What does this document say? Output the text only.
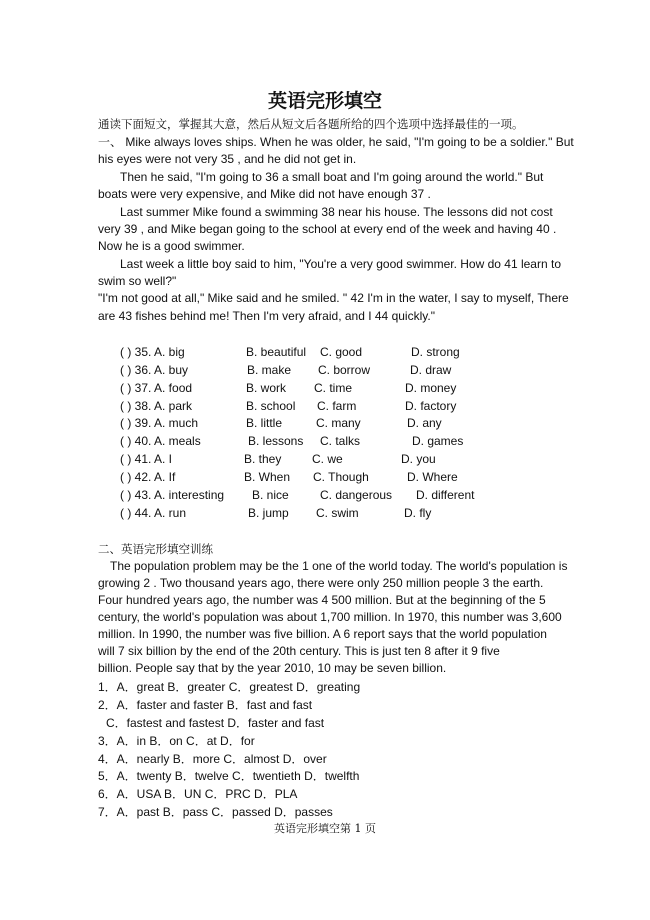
英语完形填空
通读下面短文，掌握其大意，然后从短文后各题所给的四个选项中选择最佳的一项。
一、 Mike always loves ships. When he was older, he said, "I'm going to be a soldier." But
his eyes were not very 35 , and he did not get in.
Then he said, "I'm going to 36 a small boat and I'm going around the world." But
boats were very expensive, and Mike did not have enough 37 .
Last summer Mike found a swimming 38 near his house. The lessons did not cost
very 39 , and Mike began going to the school at every end of the week and having 40 .
Now he is a good swimmer.
Last week a little boy said to him, "You're a very good swimmer. How do 41 learn to
swim so well?"
"I'm not good at all," Mike said and he smiled. " 42 I'm in the water, I say to myself, There
are 43 fishes behind me! Then I'm very afraid, and I 44 quickly."
( ) 35. A. big	B. beautiful C. good	D. strong
( ) 36. A. buy	B. make C. borrow	D. draw
( ) 37. A. food	B. work C. time	D. money
( ) 38. A. park	B. school C. farm	D. factory
( ) 39. A. much	B. little	C. many	D. any
( ) 40. A. meals	B. lessons C. talks	D. games
( ) 41. A. I	B. they	C. we	D. you
( ) 42. A. If	B. When C. Though	D. Where
( ) 43. A. interesting B. nice	C. dangerous D. different
( ) 44. A. run	B. jump C. swim	D. fly
二、英语完形填空训练
The population problem may be the 1 one of the world today. The world's population is
growing 2 . Two thousand years ago, there were only 250 million people 3 the earth.
Four hundred years ago, the number was 4 500 million. But at the beginning of the 5
century, the world's population was about 1,700 million. In 1970, this number was 3,600
million. In 1990, the number was five billion. A 6 report says that the world population
will 7 six billion by the end of the 20th century. This is just ten 8 after it 9 five
billion. People say that by the year 2010, 10 may be seven billion.
1．A．great B．greater C．greatest D．greating
2．A．faster and faster B．fast and fast
C．fastest and fastest D．faster and fast
3．A．in B．on C．at D．for
4．A．nearly B．more C．almost D．over
5．A．twenty B．twelve C．twentieth D．twelfth
6．A．USA B．UN C．PRC D．PLA
7．A．past B．pass C．passed D．passes
英语完形填空第 1 页
